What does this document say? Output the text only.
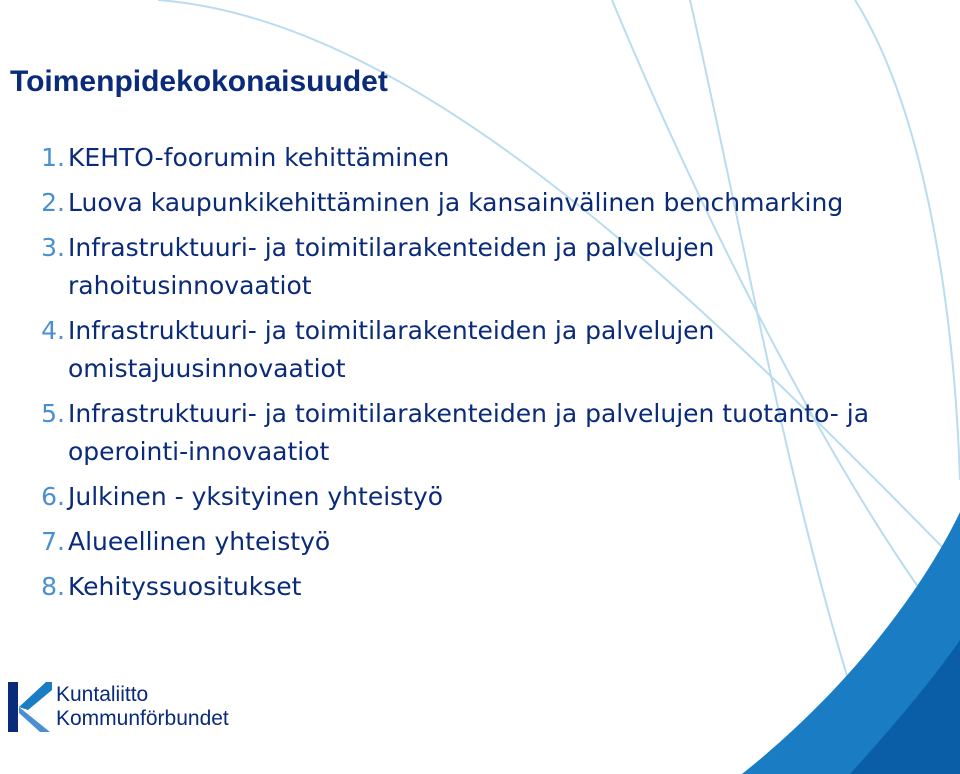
Toimenpidekokonaisuudet
1. KEHTO-foorumin kehittäminen
2. Luova kaupunkikehittäminen ja kansainvälinen benchmarking
3. Infrastruktuuri- ja toimitilarakenteiden ja palvelujen rahoitusinnovaatiot
4. Infrastruktuuri- ja toimitilarakenteiden ja palvelujen omistajuusinnovaatiot
5. Infrastruktuuri- ja toimitilarakenteiden ja palvelujen tuotanto- ja operointi-innovaatiot
6. Julkinen - yksityinen yhteistyö
7. Alueellinen yhteistyö
8. Kehityssuositukset
Kuntaliitto
Kommunförbundet
